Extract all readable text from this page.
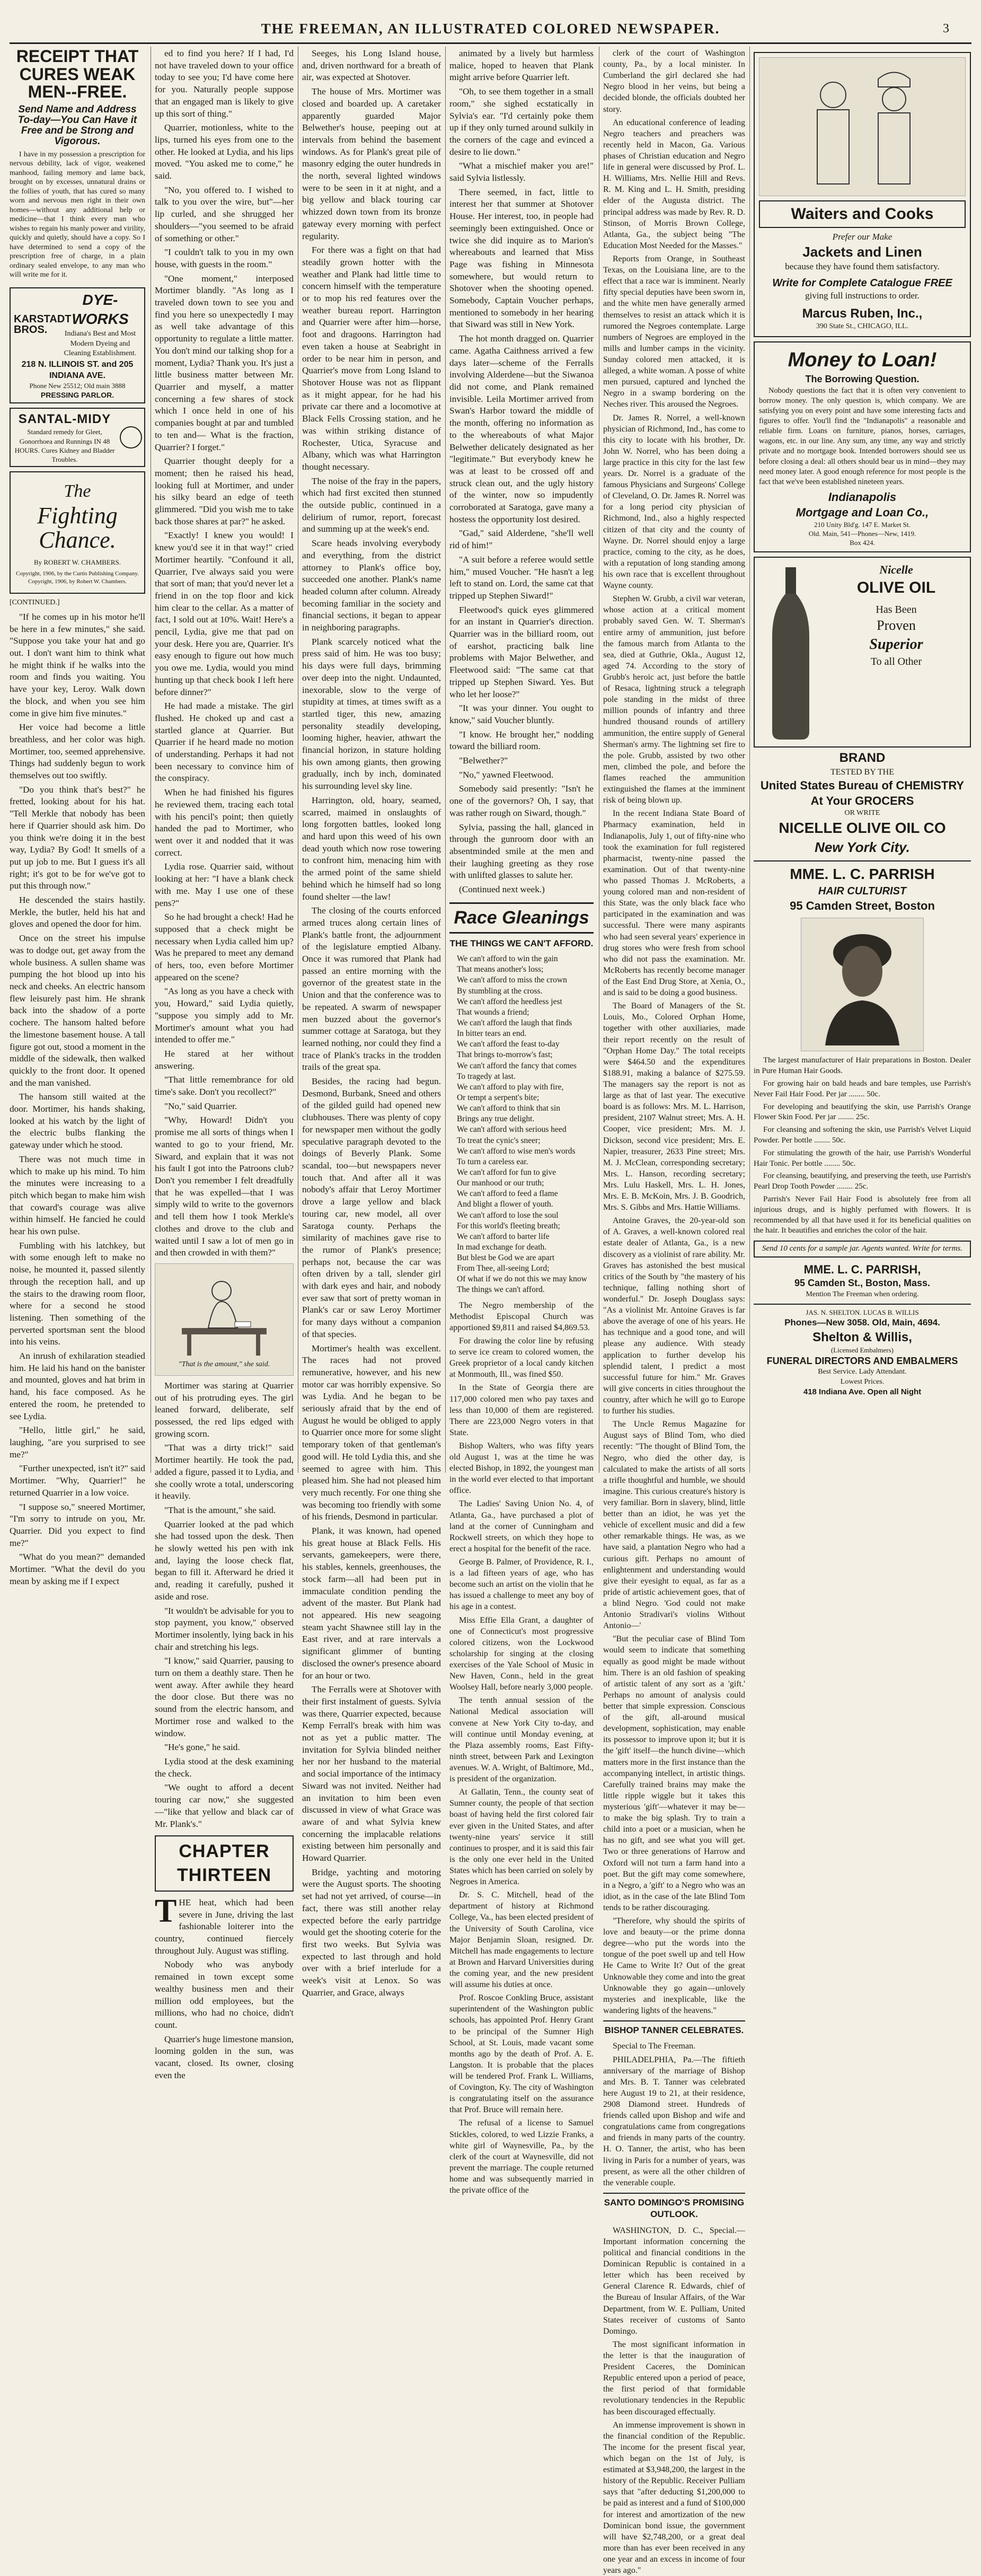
THE FREEMAN, AN ILLUSTRATED COLORED NEWSPAPER.	3
RECEIPT THAT CURES WEAK MEN--FREE.
Send Name and Address To-day—You Can Have it Free and be Strong and Vigorous.

I have in my possession a prescription for nervous debility, lack of vigor, weakened manhood, failing memory and lame back, brought on by excesses, unnatural drains or the follies of youth, that has cured so many worn and nervous men right in their own homes—without any additional help or medicine—that I think every man who wishes to regain his manly power and virility, quickly and quietly, should have a copy. So I have determined to send a copy of the prescription free of charge, in a plain ordinary sealed envelope, to any man who will write me for it.

KARSTADT BROS.
DYE-WORKS
Indiana's Best and Most Modern Dyeing and Cleaning Establishment.
218 N. ILLINOIS ST. and 205 INDIANA AVE.
Phone New 25512; Old main 3888
PRESSING PARLOR.
SANTAL-MIDY
Standard remedy for Gleet, Gonorrhoea and Runnings IN 48 HOURS. Cures Kidney and Bladder Troubles.
The
Fighting Chance.
By ROBERT W. CHAMBERS.
Copyright, 1906, by the Curtis Publishing Company. Copyright, 1906, by Robert W. Chambers.
[CONTINUED.]

"If he comes up in his motor he'll be here in a few minutes," she said. "Suppose you take your hat and go out. I don't want him to think what he might think if he walks into the room and finds you waiting. You have your key, Leroy. Walk down the block, and when you see him come in give him five minutes."

Her voice had become a little breathless, and her color was high. Mortimer, too, seemed apprehensive. Things had suddenly begun to work themselves out too swiftly.

"Do you think that's best?" he fretted, looking about for his hat. "Tell Merkle that nobody has been here if Quarrier should ask him. Do you think we're doing it in the best way, Lydia? By God! It smells of a put up job to me. But I guess it's all right; it's got to be for we've got to put this through now."

He descended the stairs hastily. Merkle, the butler, held his hat and gloves and opened the door for him.

Once on the street his impulse was to dodge out, get away from the whole business. A sullen shame was pumping the hot blood up into his neck and cheeks. An electric hansom flew leisurely past him. He shrank back into the shadow of a porte cochere. The hansom halted before the limestone basement house. A tall figure got out, stood a moment in the middle of the sidewalk, then walked quickly to the front door. It opened and the man vanished.

The hansom still waited at the door. Mortimer, his hands shaking, looked at his watch by the light of the electric bulbs flanking the gateway under which he stood.

There was not much time in which to make up his mind. To him the minutes were increasing to a pitch which began to make him wish that coward's courage was alive within himself. He fancied he could hear his own pulse.

Fumbling with his latchkey, but with some enough left to make no noise, he mounted it, passed silently through the reception hall, and up the stairs to the drawing room floor, where for a second he stood listening. Then something of the perverted sportsman sent the blood into his veins.

An inrush of exhilaration steadied him. He laid his hand on the banister and mounted, gloves and hat brim in hand, his face composed. As he entered the room, he pretended to see Lydia.

"Hello, little girl," he said, laughing, "are you surprised to see me?"

"Further unexpected, isn't it?" said Mortimer. "Why, Quarrier!" he returned Quarrier in a low voice.

"I suppose so," sneered Mortimer, "I'm sorry to intrude on you, Mr. Quarrier. Did you expect to find me?"

"What do you mean?" demanded Mortimer. "What the devil do you mean by asking me if I expect

ed to find you here? If I had, I'd not have traveled down to your office today to see you; I'd have come here for you. Naturally people suppose that an engaged man is likely to give up this sort of thing."

Quarrier, motionless, white to the lips, turned his eyes from one to the other. He looked at Lydia, and his lips moved. "You asked me to come," he said.

"No, you offered to. I wished to talk to you over the wire, but"—her lip curled, and she shrugged her shoulders—"you seemed to be afraid of something or other."

"I couldn't talk to you in my own house, with guests in the room."

"One moment," interposed Mortimer blandly. "As long as I traveled down town to see you and find you here so unexpectedly I may as well take advantage of this opportunity to regulate a little matter. You don't mind our talking shop for a moment, Lydia? Thank you. It's just a little business matter between Mr. Quarrier and myself, a matter concerning a few shares of stock which I once held in one of his companies bought at par and tumbled to ten and— What is the fraction, Quarrier? I forget."

Quarrier thought deeply for a moment; then he raised his head, looking full at Mortimer, and under his silky beard an edge of teeth glimmered. "Did you wish me to take back those shares at par?" he asked.

"Exactly! I knew you would! I knew you'd see it in that way!" cried Mortimer heartily. "Confound it all, Quarrier, I've always said you were that sort of man; that you'd never let a friend in on the top floor and kick him clear to the cellar. As a matter of fact, I sold out at 10%. Wait! Here's a pencil, Lydia, give me that pad on your desk. Here you are, Quarrier. It's easy enough to figure out how much you owe me. Lydia, would you mind hunting up that check book I left here before dinner?"

He had made a mistake. The girl flushed. He choked up and cast a startled glance at Quarrier. But Quarrier if he heard made no motion of understanding. Perhaps it had not been necessary to convince him of the conspiracy.

When he had finished his figures he reviewed them, tracing each total with his pencil's point; then quietly handed the pad to Mortimer, who went over it and nodded that it was correct.

Lydia rose. Quarrier said, without looking at her: "I have a blank check with me. May I use one of these pens?"

So he had brought a check! Had he supposed that a check might be necessary when Lydia called him up? Was he prepared to meet any demand of hers, too, even before Mortimer appeared on the scene?

"As long as you have a check with you, Howard," said Lydia quietly, "suppose you simply add to Mr. Mortimer's amount what you had intended to offer me."

He stared at her without answering.

"That little remembrance for old time's sake. Don't you recollect?"

"No," said Quarrier.

"Why, Howard! Didn't you promise me all sorts of things when I wanted to go to your friend, Mr. Siward, and explain that it was not his fault I got into the Patroons club? Don't you remember I felt dreadfully that he was expelled—that I was simply wild to write to the governors and tell them how I took Merkle's clothes and drove to the club and waited until I saw a lot of men go in and then crowded in with them?"

"That is the amount," she said.

Mortimer was staring at Quarrier out of his protruding eyes. The girl leaned forward, deliberate, self possessed, the red lips edged with growing scorn.

"That was a dirty trick!" said Mortimer heartily. He took the pad, added a figure, passed it to Lydia, and she coolly wrote a total, underscoring it heavily.

"That is the amount," she said.

Quarrier looked at the pad which she had tossed upon the desk. Then he slowly wetted his pen with ink and, laying the loose check flat, began to fill it. Afterward he dried it and, reading it carefully, pushed it aside and rose.

"It wouldn't be advisable for you to stop payment, you know," observed Mortimer insolently, lying back in his chair and stretching his legs.

"I know," said Quarrier, pausing to turn on them a deathly stare. Then he went away. After awhile they heard the door close. But there was no sound from the electric hansom, and Mortimer rose and walked to the window.

"He's gone," he said.

Lydia stood at the desk examining the check.

"We ought to afford a decent touring car now," she suggested—"like that yellow and black car of Mr. Plank's."

CHAPTER THIRTEEN

THE heat, which had been severe in June, driving the last fashionable loiterer into the country, continued fiercely throughout July. August was stifling.

Nobody who was anybody remained in town except some wealthy business men and their million odd employees, but the millions, who had no choice, didn't count.

Quarrier's huge limestone mansion, looming golden in the sun, was vacant, closed. Its owner, closing even the

Seeges, his Long Island house, and, driven northward for a breath of air, was expected at Shotover.

The house of Mrs. Mortimer was closed and boarded up. A caretaker apparently guarded Major Belwether's house, peeping out at intervals from behind the basement windows. As for Plank's great pile of masonry edging the outer hundreds in the north, several lighted windows were to be seen in it at night, and a big yellow and black touring car whizzed down town from its bronze gateway every morning with perfect regularity.

For there was a fight on that had steadily grown hotter with the weather and Plank had little time to concern himself with the temperature or to mop his red features over the weather bureau report. Harrington and Quarrier were after him—horse, foot and dragoons. Harrington had even taken a house at Seabright in order to be near him in person, and Quarrier's move from Long Island to Shotover House was not as flippant as it might appear, for he had his private car there and a locomotive at Black Fells Crossing station, and he was within striking distance of Rochester, Utica, Syracuse and Albany, which was what Harrington thought necessary.

The noise of the fray in the papers, which had first excited then stunned the outside public, continued in a delirium of rumor, report, forecast and summing up at the week's end.

Scare heads involving everybody and everything, from the district attorney to Plank's office boy, succeeded one another. Plank's name headed column after column. Already becoming familiar in the society and financial sections, it began to appear in neighboring paragraphs.

Plank scarcely noticed what the press said of him. He was too busy; his days were full days, brimming over deep into the night. Undaunted, inexorable, slow to the verge of stupidity at times, at times swift as a startled tiger, this new, amazing personality steadily developing, looming higher, heavier, athwart the financial horizon, in stature holding his own among giants, then growing gradually, inch by inch, dominated his surrounding level sky line.

Harrington, old, hoary, seamed, scarred, maimed in onslaughts of long forgotten battles, looked long and hard upon this weed of his own dead youth which now rose towering to confront him, menacing him with the armed point of the same shield behind which he himself had so long found shelter —the law!

The closing of the courts enforced armed truces along certain lines of Plank's battle front, the adjournment of the legislature emptied Albany. Once it was rumored that Plank had passed an entire morning with the governor of the greatest state in the Union and that the conference was to be repeated. A swarm of newspaper men buzzed about the governor's summer cottage at Saratoga, but they learned nothing, nor could they find a trace of Plank's tracks in the trodden trails of the great spa.

Besides, the racing had begun. Desmond, Burbank, Sneed and others of the gilded guild had opened new clubhouses. There was plenty of copy for newspaper men without the godly speculative paragraph devoted to the doings of Beverly Plank. Some scandal, too—but newspapers never touch that. And after all it was nobody's affair that Leroy Mortimer drove a large yellow and black touring car, new model, all over Saratoga county. Perhaps the similarity of machines gave rise to the rumor of Plank's presence; perhaps not, because the car was often driven by a tall, slender girl with dark eyes and hair, and nobody ever saw that sort of pretty woman in Plank's car or saw Leroy Mortimer for many days without a companion of that species.

Mortimer's health was excellent. The races had not proved remunerative, however, and his new motor car was horribly expensive. So was Lydia. And he began to be seriously afraid that by the end of August he would be obliged to apply to Quarrier once more for some slight temporary token of that gentleman's good will. He told Lydia this, and she seemed to agree with him. This pleased him. She had not pleased him very much recently. For one thing she was becoming too friendly with some of his friends, Desmond in particular.

Plank, it was known, had opened his great house at Black Fells. His servants, gamekeepers, were there, his stables, kennels, greenhouses, the stock farm—all had been put in immaculate condition pending the advent of the master. But Plank had not appeared. His new seagoing steam yacht Shawnee still lay in the East river, and at rare intervals a significant glimmer of bunting disclosed the owner's presence aboard for an hour or two.

The Ferralls were at Shotover with their first instalment of guests. Sylvia was there, Quarrier expected, because Kemp Ferrall's break with him was not as yet a public matter. The invitation for Sylvia blinded neither her nor her husband to the material and social importance of the intimacy Siward was not invited. Neither had an invitation to him been even discussed in view of what Grace was aware of and what Sylvia knew concerning the implacable relations existing between him personally and Howard Quarrier.

Bridge, yachting and motoring were the August sports. The shooting set had not yet arrived, of course—in fact, there was still another relay expected before the early partridge would get the shooting coterie for the first two weeks. But Sylvia was expected to last through and hold over with a brief interlude for a week's visit at Lenox. So was Quarrier, and Grace, always

animated by a lively but harmless malice, hoped to heaven that Plank might arrive before Quarrier left.

"Oh, to see them together in a small room," she sighed ecstatically in Sylvia's ear. "I'd certainly poke them up if they only turned around sulkily in the corners of the cage and evinced a desire to lie down."

"What a mischief maker you are!" said Sylvia listlessly.

There seemed, in fact, little to interest her that summer at Shotover House. Her interest, too, in people had seemingly been extinguished. Once or twice she did inquire as to Marion's whereabouts and learned that Miss Page was fishing in Minnesota somewhere, but would return to Shotover when the shooting opened. Somebody, Captain Voucher perhaps, mentioned to somebody in her hearing that Siward was still in New York.

The hot month dragged on. Quarrier came. Agatha Caithness arrived a few days later—scheme of the Ferralls involving Alderdene—but the Siwanoa did not come, and Plank remained invisible. Leila Mortimer arrived from Swan's Harbor toward the middle of the month, offering no information as to the whereabouts of what Major Belwether delicately designated as her "legitimate." But everybody knew he was at least to be crossed off and struck clean out, and the ugly history of the winter, now so impudently corroborated at Saratoga, gave many a hostess the opportunity lost desired.

"Gad," said Alderdene, "she'll well rid of him!"

"A suit before a referee would settle him," mused Voucher. "He hasn't a leg left to stand on. Lord, the same cat that tripped up Stephen Siward!"

Fleetwood's quick eyes glimmered for an instant in Quarrier's direction. Quarrier was in the billiard room, out of earshot, practicing balk line problems with Major Belwether, and Fleetwood said: "The same cat that tripped up Stephen Siward. Yes. But who let her loose?"

"It was your dinner. You ought to know," said Voucher bluntly.

"I know. He brought her," nodding toward the billiard room.

"Belwether?"

"No," yawned Fleetwood.

Somebody said presently: "Isn't he one of the governors? Oh, I say, that was rather rough on Siward, though."

Sylvia, passing the hall, glanced in through the gunroom door with an absentminded smile at the men and their laughing greeting as they rose with unlifted glasses to salute her.

(Continued next week.)

Race Gleanings
THE THINGS WE CAN'T AFFORD.
We can't afford to win the gain
That means another's loss;
We can't afford to miss the crown
By stumbling at the cross.
We can't afford the heedless jest
That wounds a friend;
We can't afford the laugh that finds
In bitter tears an end.
We can't afford the feast to-day
That brings to-morrow's fast;
We can't afford the fancy that comes
To tragedy at last.
We can't afford to play with fire,
Or tempt a serpent's bite;
We can't afford to think that sin
Brings any true delight.
We can't afford with serious heed
To treat the cynic's sneer;
We can't afford to wise men's words
To turn a careless ear.
We can't afford for fun to give
Our manhood or our truth;
We can't afford to feed a flame
And blight a flower of youth.
We can't afford to lose the soul
For this world's fleeting breath;
We can't afford to barter life
In mad exchange for death.
But blest be God we are apart
From Thee, all-seeing Lord;
Of what if we do not this we may know
The things we can't afford.

The Negro membership of the Methodist Episcopal Church was apportioned $9,811 and raised $4,869.53.

For drawing the color line by refusing to serve ice cream to colored women, the Greek proprietor of a local candy kitchen at Monmouth, Ill., was fined $50.

In the State of Georgia there are 117,000 colored men who pay taxes and less than 10,000 of them are registered. There are 223,000 Negro voters in that State.

Bishop Walters, who was fifty years old August 1, was at the time he was elected Bishop, in 1892, the youngest man in the world ever elected to that important office.

The Ladies' Saving Union No. 4, of Atlanta, Ga., have purchased a plot of land at the corner of Cunningham and Rockwell streets, on which they hope to erect a hospital for the benefit of the race.

George B. Palmer, of Providence, R. I., is a lad fifteen years of age, who has become such an artist on the violin that he has issued a challenge to meet any boy of his age in a contest.

Miss Effie Ella Grant, a daughter of one of Connecticut's most progressive colored citizens, won the Lockwood scholarship for singing at the closing exercises of the Yale School of Music in New Haven, Conn., held in the great Woolsey Hall, before nearly 3,000 people.

The tenth annual session of the National Medical association will convene at New York City to-day, and will continue until Monday evening, at the Plaza assembly rooms, East Fifty-ninth street, between Park and Lexington avenues. W. A. Wright, of Baltimore, Md., is president of the organization.

At Gallatin, Tenn., the county seat of Sumner county, the people of that section boast of having held the first colored fair ever given in the United States, and after twenty-nine years' service it still continues to prosper, and it is said this fair is the only one ever held in the United States which has been carried on solely by Negroes in America.

Dr. S. C. Mitchell, head of the department of history at Richmond College, Va., has been elected president of the University of South Carolina, vice Major Benjamin Sloan, resigned. Dr. Mitchell has made engagements to lecture at Brown and Harvard Universities during the coming year, and the new president will assume his duties at once.

Prof. Roscoe Conkling Bruce, assistant superintendent of the Washington public schools, has appointed Prof. Henry Grant to be principal of the Sumner High School, at St. Louis, made vacant some months ago by the death of Prof. A. E. Langston. It is probable that the places will be tendered Prof. Frank L. Williams, of Covington, Ky. The city of Washington is congratulating itself on the assurance that Prof. Bruce will remain here.

The refusal of a license to Samuel Stickles, colored, to wed Lizzie Franks, a white girl of Waynesville, Pa., by the clerk of the court at Waynesville, did not prevent the marriage. The couple returned home and was subsequently married in the private office of the

clerk of the court of Washington county, Pa., by a local minister. In Cumberland the girl declared she had Negro blood in her veins, but being a decided blonde, the officials doubted her story.

An educational conference of leading Negro teachers and preachers was recently held in Macon, Ga. Various phases of Christian education and Negro life in general were discussed by Prof. L. H. Williams, Mrs. Nellie Hill and Revs. R. M. King and L. H. Smith, presiding elder of the Augusta district. The principal address was made by Rev. R. D. Stinson, of Morris Brown College, Atlanta, Ga., the subject being "The Education Most Needed for the Masses."

Reports from Orange, in Southeast Texas, on the Louisiana line, are to the effect that a race war is imminent. Nearly fifty special deputies have been sworn in, and the white men have generally armed themselves to resist an attack which it is rumored the Negroes contemplate. Large numbers of Negroes are employed in the mills and lumber camps in the vicinity. Sunday colored men attacked, it is alleged, a white woman. A posse of white men pursued, captured and lynched the Negro in a swamp bordering on the Neches river. This aroused the Negroes.

Dr. James R. Norrel, a well-known physician of Richmond, Ind., has come to this city to locate with his brother, Dr. John W. Norrel, who has been doing a large practice in this city for the last few years. Dr. Norrel is a graduate of the famous Physicians and Surgeons' College of Cleveland, O. Dr. James R. Norrel was for a long period city physician of Richmond, Ind., also a highly respected citizen of that city and the county of Wayne. Dr. Norrel should enjoy a large practice, coming to the city, as he does, with a reputation of long standing among his own race that is excellent throughout Wayne county.

Stephen W. Grubb, a civil war veteran, whose action at a critical moment probably saved Gen. W. T. Sherman's entire army of ammunition, just before the famous march from Atlanta to the sea, died at Guthrie, Okla., August 12, aged 74. According to the story of Grubb's heroic act, just before the battle of Resaca, lightning struck a telegraph pole standing in the midst of three million pounds of infantry and three hundred thousand rounds of artillery ammunition, the entire supply of General Sherman's army. The lightning set fire to the pole. Grubb, assisted by two other men, climbed the pole, and before the flames reached the ammunition extinguished the flames at the imminent risk of being blown up.

In the recent Indiana State Board of Pharmacy examination, held in Indianapolis, July 1, out of fifty-nine who took the examination for full registered pharmacist, twenty-nine passed the examination. Out of that twenty-nine who passed Thomas J. McRoberts, a young colored man and non-resident of this State, was the only black face who participated in the examination and was successful. There were many aspirants who had seen several years' experience in drug stores who were fresh from school who did not pass the examination. Mr. McRoberts has recently become manager of the East End Drug Store, at Xenia, O., and is said to be doing a good business.

The Board of Managers of the St. Louis, Mo., Colored Orphan Home, together with other auxiliaries, made their report recently on the result of "Orphan Home Day." The total receipts were $464.50 and the expenditures $188.91, making a balance of $275.59. The managers say the report is not as large as that of last year. The executive board is as follows: Mrs. M. L. Harrison, president, 2107 Walnut street; Mrs. A. H. Cooper, vice president; Mrs. M. J. Dickson, second vice president; Mrs. E. Napier, treasurer, 2633 Pine street; Mrs. M. J. McClean, corresponding secretary; Mrs. L. Hanson, recording secretary; Mrs. Lulu Haskell, Mrs. L. H. Jones, Mrs. E. B. McKoin, Mrs. J. B. Goodrich, Mrs. S. Gibbs and Mrs. Hattie Williams.

Antoine Graves, the 20-year-old son of A. Graves, a well-known colored real estate dealer of Atlanta, Ga., is a new discovery as a violinist of rare ability. Mr. Graves has astonished the best musical critics of the South by "the mastery of his technique, falling nothing short of wonderful." Dr. Joseph Douglass says: "As a violinist Mr. Antoine Graves is far above the average of one of his years. He has technique and a good tone, and will please any audience. With steady application to further develop his splendid talent, I predict a most successful future for him." Mr. Graves will give concerts in cities throughout the country, after which he will go to Europe to further his studies.

The Uncle Remus Magazine for August says of Blind Tom, who died recently: "The thought of Blind Tom, the Negro, who died the other day, is calculated to make the artists of all sorts a trifle thoughtful and humble, we should imagine. This curious creature's history is very familiar. Born in slavery, blind, little better than an idiot, he was yet the vehicle of excellent music and did a few other remarkable things. He was, as we have said, a plantation Negro who had a curious gift. Perhaps no amount of enlightenment and understanding would give their eyesight to equal, as far as a pride of artistic achievement goes, that of a blind Negro. 'God could not make Antonio Stradivari's violins Without Antonio—'

"But the peculiar case of Blind Tom would seem to indicate that something equally as good might be made without him. There is an old fashion of speaking of artistic talent of any sort as a 'gift.' Perhaps no amount of analysis could better that simple expression. Conscious of the gift, all-around musical development, sophistication, may enable its possessor to improve upon it; but it is the 'gift' itself—the hunch divine—which matters more in the first instance than the accompanying intellect, in artistic things. Carefully trained brains may make the little ripple wiggle but it takes this mysterious 'gift'—whatever it may be—to make the big splash. Try to train a child into a poet or a musician, when he has no gift, and see what you will get. Two or three generations of Harrow and Oxford will not turn a farm hand into a poet. But the gift may come somewhere, in a Negro, a 'gift' to a Negro who was an idiot, as in the case of the late Blind Tom tends to be rather discouraging.

"Therefore, why should the spirits of love and beauty—or the prime donna degree—who put the words into the tongue of the poet swell up and tell How He Came to Write It? Out of the great Unknowable they come and into the great Unknowable they go again—unlovely mysteries and inexplicable, like the wandering lights of the heavens."

BISHOP TANNER CELEBRATES.

Special to The Freeman.

PHILADELPHIA, Pa.—The fiftieth anniversary of the marriage of Bishop and Mrs. B. T. Tanner was celebrated here August 19 to 21, at their residence, 2908 Diamond street. Hundreds of friends called upon Bishop and wife and congratulations came from congregations and friends in many parts of the country. H. O. Tanner, the artist, who has been living in Paris for a number of years, was present, as were all the other children of the venerable couple.

SANTO DOMINGO'S PROMISING OUTLOOK.

WASHINGTON, D. C., Special.—Important information concerning the political and financial conditions in the Dominican Republic is contained in a letter which has been received by General Clarence R. Edwards, chief of the Bureau of Insular Affairs, of the War Department, from W. E. Pulliam, United States receiver of customs of Santo Domingo.

The most significant information in the letter is that the inauguration of President Caceres, the Dominican Republic entered upon a period of peace, the first period of that formidable revolutionary tendencies in the Republic has been discouraged effectually.

An immense improvement is shown in the financial condition of the Republic. The income for the present fiscal year, which began on the 1st of July, is estimated at $3,948,200, the largest in the history of the Republic. Receiver Pulliam says that "after deducting $1,200,000 to be paid as interest and a fund of $100,000 for interest and amortization of the new Dominican bond issue, the government will have $2,748,200, or a great deal more than has ever been received in any one year and an excess in income of four years ago."

Waiters and Cooks
Prefer our Make
Jackets and Linen
because they have found them satisfactory.
Write for Complete Catalogue FREE
giving full instructions to order.
Marcus Ruben, Inc.,
390 State St., CHICAGO, ILL.
Money to Loan!
The Borrowing Question.

Nobody questions the fact that it is often very convenient to borrow money. The only question is, which company. We are satisfying you on every point and have some interesting facts and figures to offer. You'll find the "Indianapolis" a reasonable and reliable firm. Loans on furniture, pianos, horses, carriages, wagons, etc. in our line. Any sum, any time, any way and strictly private and no mortgage book. Intended borrowers should see us before closing a deal: all others should bear us in mind—they may need money later. A good enough reference for most people is the fact that we've been established nineteen years.

Indianapolis
Mortgage and Loan Co.,
210 Unity Bld'g. 147 E. Market St.
Old. Main, 541—Phones—New, 1419.
Box 424.
Nicelle
OLIVE OIL
Has Been
Proven
Superior
To all Other
BRAND
TESTED BY THE
United States Bureau of CHEMISTRY
At Your GROCERS
OR WRITE
NICELLE OLIVE OIL CO
New York City.
MME. L. C. PARRISH
HAIR CULTURIST
95 Camden Street, Boston

The largest manufacturer of Hair preparations in Boston. Dealer in Pure Human Hair Goods.

For growing hair on bald heads and bare temples, use Parrish's Never Fail Hair Food. Per jar ........ 50c.

For developing and beautifying the skin, use Parrish's Orange Flower Skin Food. Per jar ........ 25c.

For cleansing and softening the skin, use Parrish's Velvet Liquid Powder. Per bottle ........ 50c.

For stimulating the growth of the hair, use Parrish's Wonderful Hair Tonic. Per bottle ........ 50c.

For cleansing, beautifying, and preserving the teeth, use Parrish's Pearl Drop Tooth Powder ........ 25c.

Parrish's Never Fail Hair Food is absolutely free from all injurious drugs, and is highly perfumed with flowers. It is recommended by all that have used it for its beneficial qualities on the hair. It beautifies and enriches the color of the hair.

Send 10 cents for a sample jar. Agents wanted. Write for terms.
MME. L. C. PARRISH,
95 Camden St., Boston, Mass.
Mention The Freeman when ordering.
JAS. N. SHELTON. LUCAS B. WILLIS
Phones—New 3058. Old, Main, 4694.
Shelton & Willis,
(Licensed Embalmers)
FUNERAL DIRECTORS AND EMBALMERS
Best Service. Lady Attendant.
Lowest Prices.
418 Indiana Ave. Open all Night
